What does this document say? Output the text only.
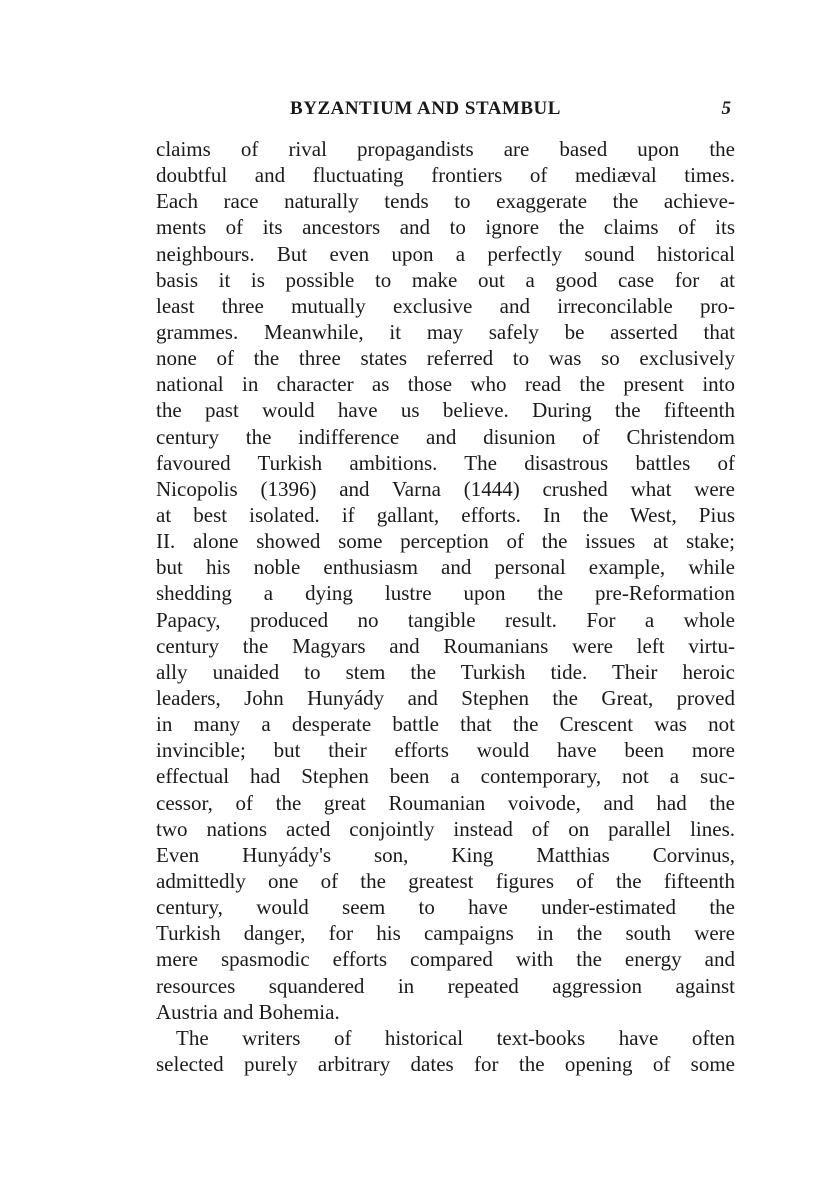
BYZANTIUM AND STAMBUL	5
claims of rival propagandists are based upon the
doubtful and fluctuating frontiers of mediæval times.
Each race naturally tends to exaggerate the achieve-
ments of its ancestors and to ignore the claims of its
neighbours. But even upon a perfectly sound historical
basis it is possible to make out a good case for at
least three mutually exclusive and irreconcilable pro-
grammes. Meanwhile, it may safely be asserted that
none of the three states referred to was so exclusively
national in character as those who read the present into
the past would have us believe. During the fifteenth
century the indifference and disunion of Christendom
favoured Turkish ambitions. The disastrous battles of
Nicopolis (1396) and Varna (1444) crushed what were
at best isolated. if gallant, efforts. In the West, Pius
II. alone showed some perception of the issues at stake;
but his noble enthusiasm and personal example, while
shedding a dying lustre upon the pre-Reformation
Papacy, produced no tangible result. For a whole
century the Magyars and Roumanians were left virtu-
ally unaided to stem the Turkish tide. Their heroic
leaders, John Hunyády and Stephen the Great, proved
in many a desperate battle that the Crescent was not
invincible; but their efforts would have been more
effectual had Stephen been a contemporary, not a suc-
cessor, of the great Roumanian voivode, and had the
two nations acted conjointly instead of on parallel lines.
Even Hunyády's son, King Matthias Corvinus,
admittedly one of the greatest figures of the fifteenth
century, would seem to have under-estimated the
Turkish danger, for his campaigns in the south were
mere spasmodic efforts compared with the energy and
resources squandered in repeated aggression against
Austria and Bohemia.
The writers of historical text-books have often
selected purely arbitrary dates for the opening of some
